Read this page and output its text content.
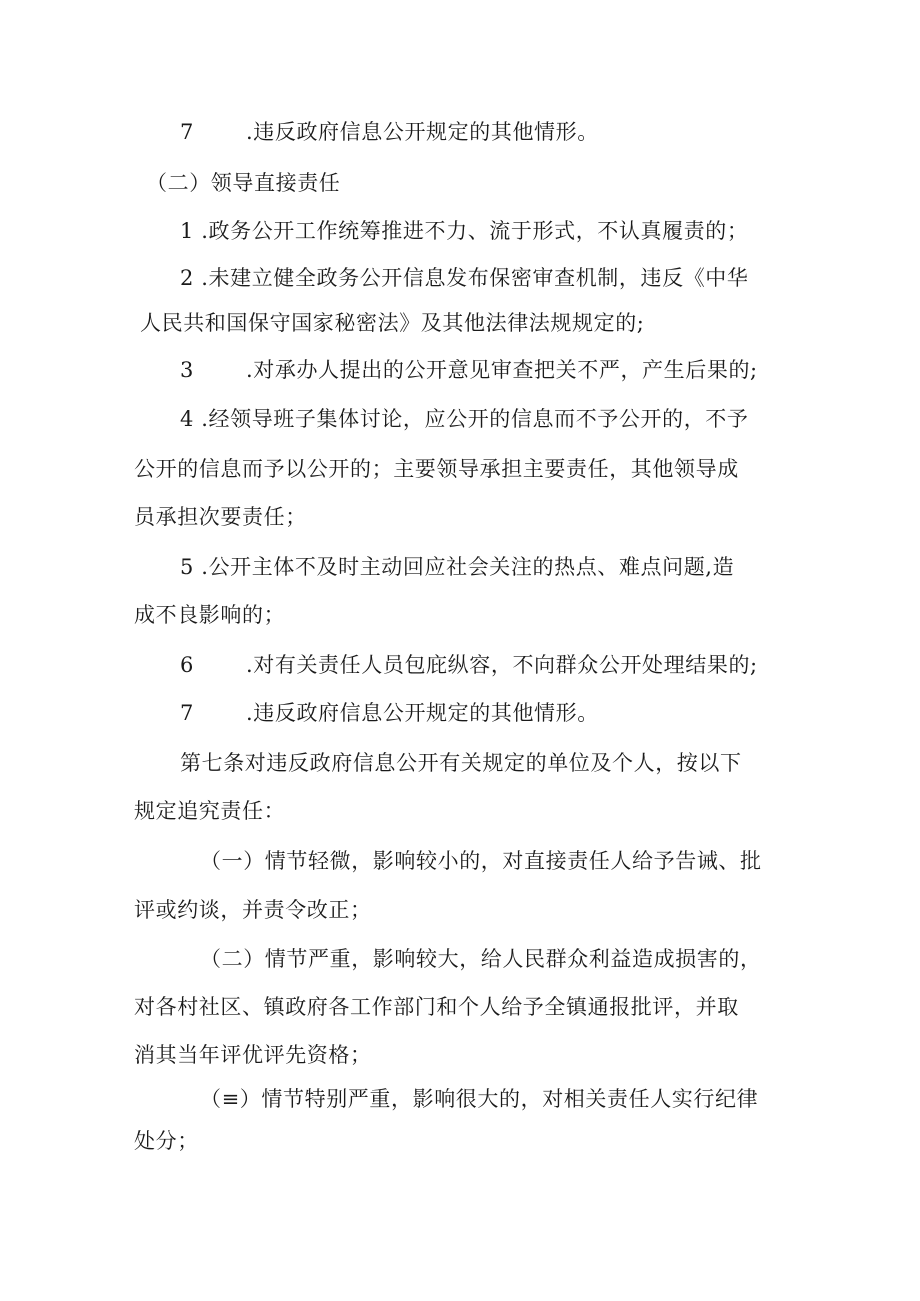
7 .违反政府信息公开规定的其他情形。
（二）领导直接责任
1 .政务公开工作统筹推进不力、流于形式，不认真履责的；
2 .未建立健全政务公开信息发布保密审查机制，违反《中华
人民共和国保守国家秘密法》及其他法律法规规定的;
3 .对承办人提出的公开意见审查把关不严，产生后果的;
4 .经领导班子集体讨论，应公开的信息而不予公开的，不予
公开的信息而予以公开的；主要领导承担主要责任，其他领导成
员承担次要责任；
5 .公开主体不及时主动回应社会关注的热点、难点问题,造
成不良影响的；
6 .对有关责任人员包庇纵容，不向群众公开处理结果的;
7 .违反政府信息公开规定的其他情形。
第七条对违反政府信息公开有关规定的单位及个人，按以下
规定追究责任：
（一）情节轻微，影响较小的，对直接责任人给予告诫、批
评或约谈，并责令改正；
（二）情节严重，影响较大，给人民群众利益造成损害的，
对各村社区、镇政府各工作部门和个人给予全镇通报批评，并取
消其当年评优评先资格；
（≡）情节特别严重，影响很大的，对相关责任人实行纪律
处分；
